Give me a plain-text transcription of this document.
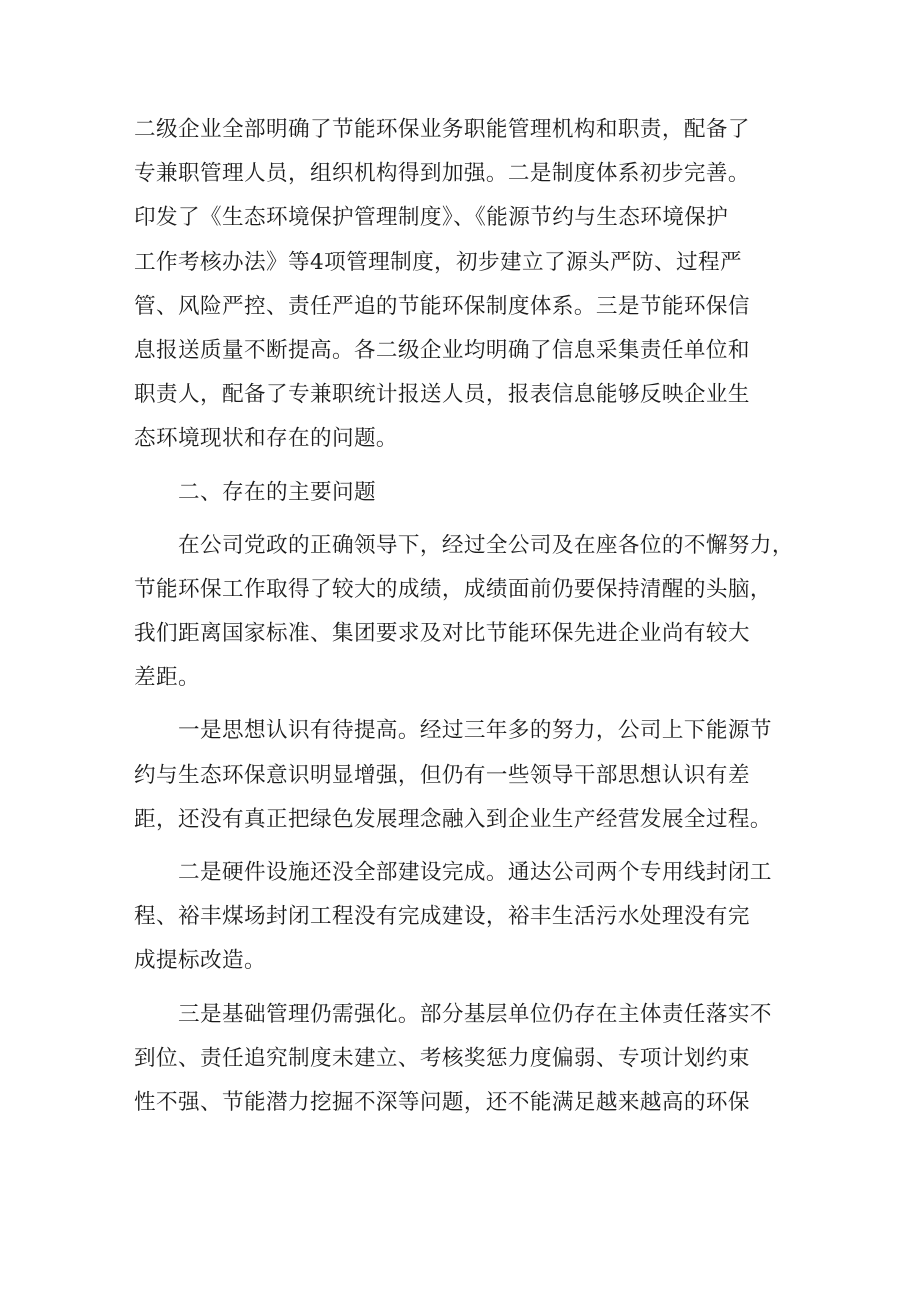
二级企业全部明确了节能环保业务职能管理机构和职责，配备了
专兼职管理人员，组织机构得到加强。二是制度体系初步完善。
印发了《生态环境保护管理制度》、《能源节约与生态环境保护
工作考核办法》等4项管理制度，初步建立了源头严防、过程严
管、风险严控、责任严追的节能环保制度体系。三是节能环保信
息报送质量不断提高。各二级企业均明确了信息采集责任单位和
职责人，配备了专兼职统计报送人员，报表信息能够反映企业生
态环境现状和存在的问题。

　　二、存在的主要问题

　　在公司党政的正确领导下，经过全公司及在座各位的不懈努力，
节能环保工作取得了较大的成绩，成绩面前仍要保持清醒的头脑，
我们距离国家标准、集团要求及对比节能环保先进企业尚有较大
差距。

　　一是思想认识有待提高。经过三年多的努力，公司上下能源节
约与生态环保意识明显增强，但仍有一些领导干部思想认识有差
距，还没有真正把绿色发展理念融入到企业生产经营发展全过程。

　　二是硬件设施还没全部建设完成。通达公司两个专用线封闭工
程、裕丰煤场封闭工程没有完成建设，裕丰生活污水处理没有完
成提标改造。

　　三是基础管理仍需强化。部分基层单位仍存在主体责任落实不
到位、责任追究制度未建立、考核奖惩力度偏弱、专项计划约束
性不强、节能潜力挖掘不深等问题，还不能满足越来越高的环保
